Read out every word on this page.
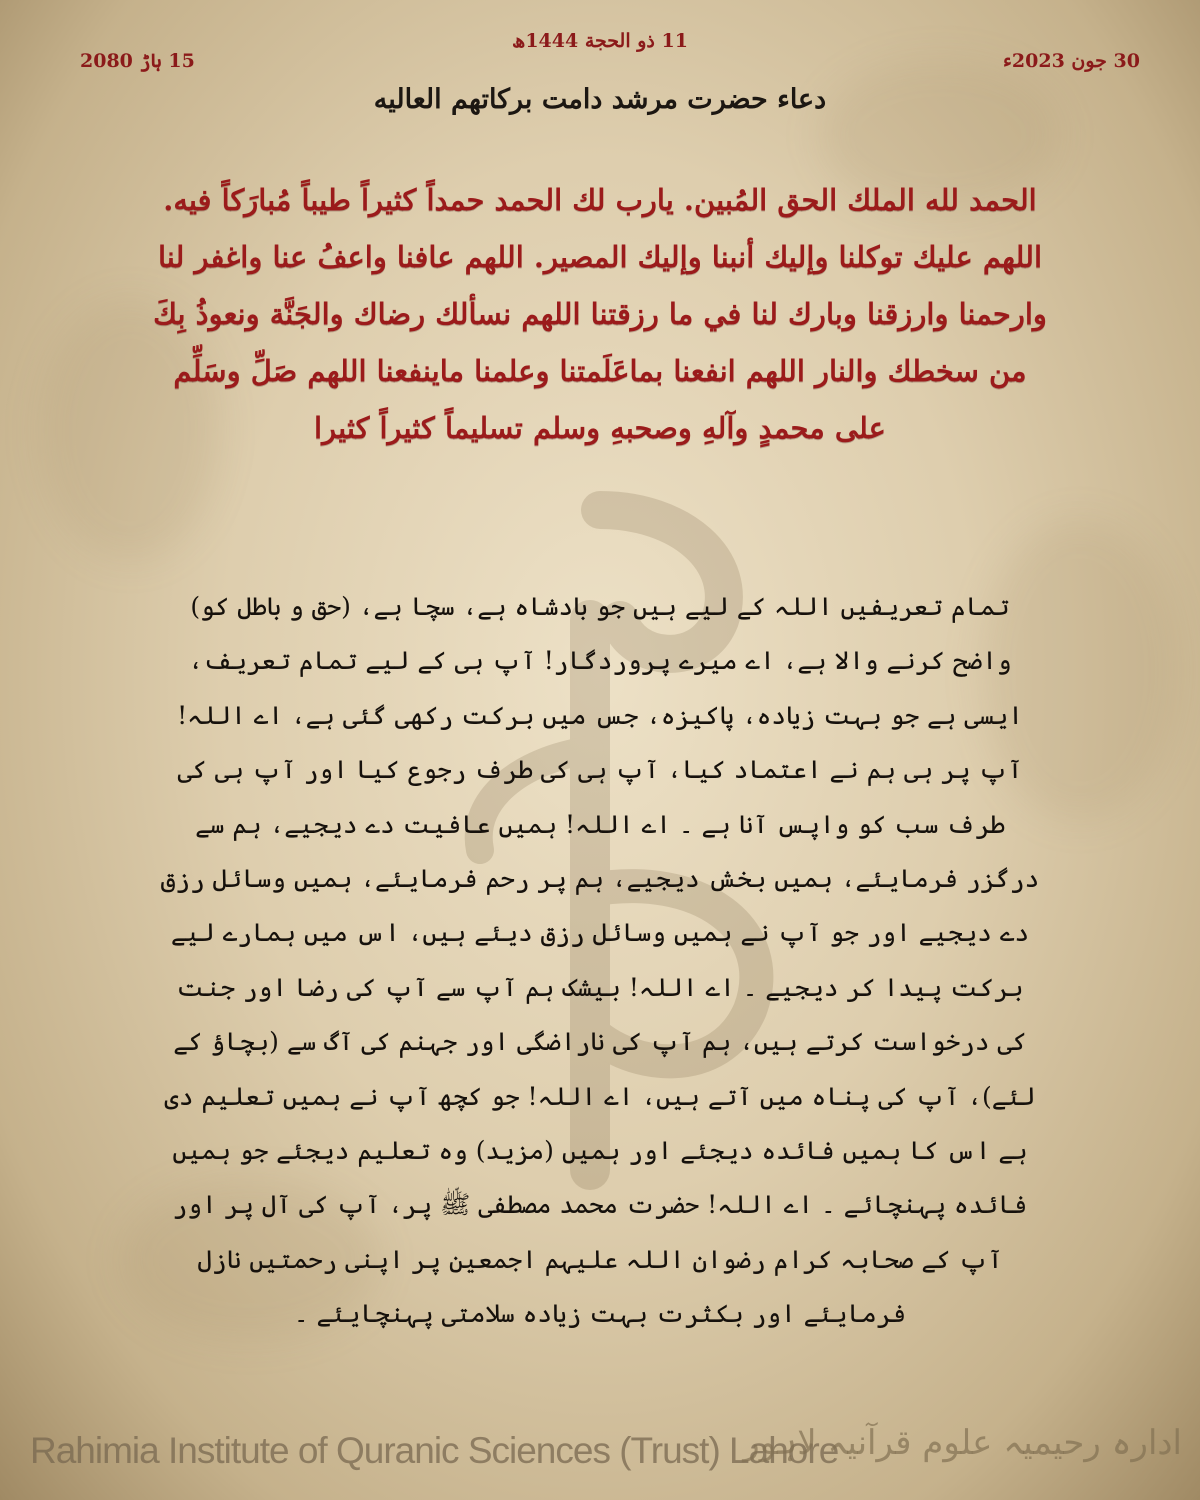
11 ذو الحجة 1444ھ
30 جون 2023ء
15 ہاڑ 2080
دعاء حضرت مرشد دامت برکاتهم العالیه
الحمد لله الملك الحق المُبين. يارب لك الحمد حمداً كثيراً طيباً مُبارَكاً فيه. اللهم عليك توكلنا وإليك أنبنا وإليك المصير. اللهم عافنا واعفُ عنا واغفر لنا وارحمنا وارزقنا وبارك لنا في ما رزقتنا اللهم نسألك رضاك والجَنَّة ونعوذُ بِكَ من سخطك والنار اللهم انفعنا بماعَلَمتنا وعلمنا ماينفعنا اللهم صَلِّ وسَلِّم على محمدٍ وآلهِ وصحبهِ وسلم تسليماً كثيراً كثيرا
تمام تعریفیں اللہ کے لیے ہیں جو بادشاہ ہے، سچا ہے، (حق و باطل کو) واضح کرنے والا ہے، اے میرے پروردگار! آپ ہی کے لیے تمام تعریف، ایسی ہے جو بہت زیادہ، پاکیزہ، جس میں برکت رکھی گئی ہے، اے اللہ! آپ پر ہی ہم نے اعتماد کیا، آپ ہی کی طرف رجوع کیا اور آپ ہی کی طرف سب کو واپس آنا ہے ۔ اے اللہ! ہمیں عافیت دے دیجیے، ہم سے درگزر فرمایئے، ہمیں بخش دیجیے، ہم پر رحم فرمایئے، ہمیں وسائل رزق دے دیجیے اور جو آپ نے ہمیں وسائل رزق دیئے ہیں، اس میں ہمارے لیے برکت پیدا کر دیجیے ۔ اے اللہ! بیشک ہم آپ سے آپ کی رضا اور جنت کی درخواست کرتے ہیں، ہم آپ کی ناراضگی اور جہنم کی آگ سے (بچاؤ کے لئے)، آپ کی پناہ میں آتے ہیں، اے اللہ! جو کچھ آپ نے ہمیں تعلیم دی ہے اس کا ہمیں فائدہ دیجئے اور ہمیں (مزید) وہ تعلیم دیجئے جو ہمیں فائدہ پہنچائے ۔ اے اللہ! حضرت محمد مصطفی ﷺ پر، آپ کی آل پر اور آپ کے صحابہ کرام رضوان اللہ علیہم اجمعین پر اپنی رحمتیں نازل فرمایئے اور بکثرت بہت زیادہ سلامتی پہنچایئے ۔
Rahimia Institute of Quranic Sciences (Trust) Lahore
ادارہ رحیمیہ علوم قرآنیہ لاہور
